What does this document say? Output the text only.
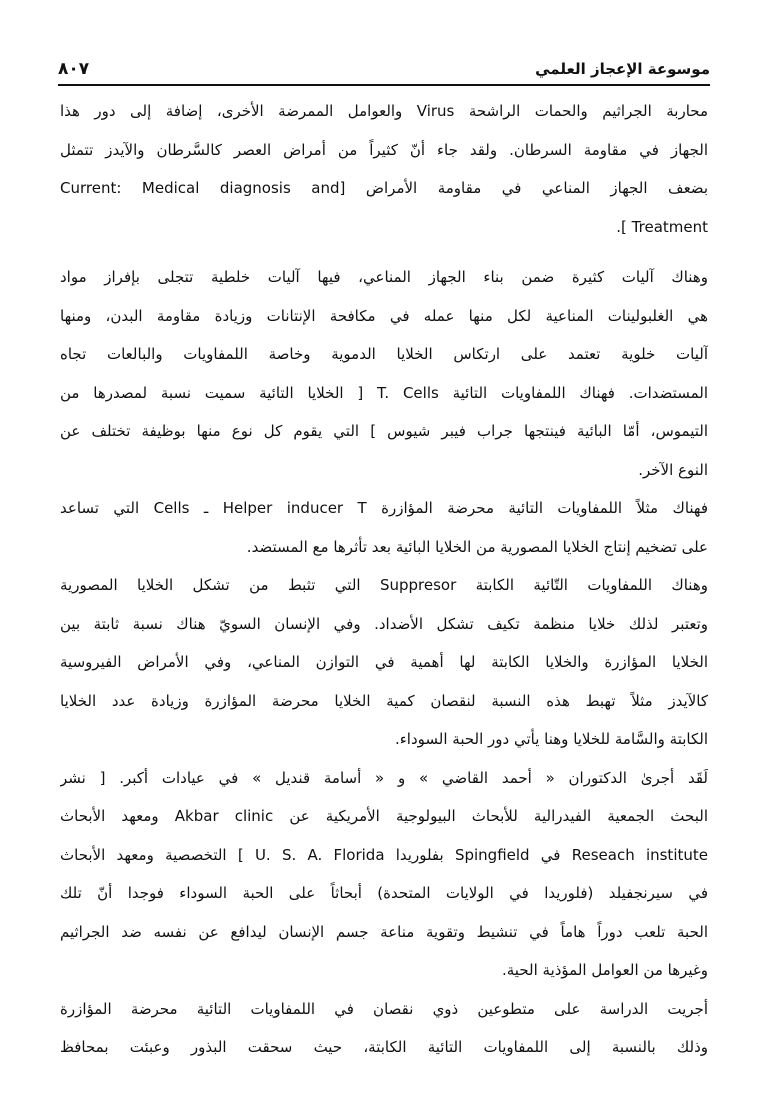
موسوعة الإعجاز العلمي
٨٠٧
محاربة الجراثيم والحمات الراشحة Virus والعوامل الممرضة الأخرى، إضافة إلى دور هذا
الجهاز في مقاومة السرطان. ولقد جاء أنّ كثيراً من أمراض العصر كالسَّرطان والآيدز تتمثل
بضعف الجهاز المناعي في مقاومة الأمراض [Current: Medical diagnosis and
Treatment ].
وهناك آليات كثيرة ضمن بناء الجهاز المناعي، فيها آليات خلطية تتجلى بإفراز مواد
هي الغلبولينات المناعية لكل منها عمله في مكافحة الإنتانات وزيادة مقاومة البدن، ومنها
آليات خلوية تعتمد على ارتكاس الخلايا الدموية وخاصة اللمفاويات والبالعات تجاه
المستضدات. فهناك اللمفاويات التائية T. Cells [ الخلايا التائية سميت نسبة لمصدرها من
التيموس، أمّا البائية فينتجها جراب فيبر شيوس ] التي يقوم كل نوع منها بوظيفة تختلف عن
النوع الآخر.
فهناك مثلاً اللمفاويات التائية محرضة المؤازرة Helper inducer T ـ Cells التي تساعد
على تضخيم إنتاج الخلايا المصورية من الخلايا البائية بعد تأثرها مع المستضد.
وهناك اللمفاويات التّائية الكابتة Suppresor التي تثبط من تشكل الخلايا المصورية
وتعتبر لذلك خلايا منظمة تكيف تشكل الأضداد. وفي الإنسان السويّ هناك نسبة ثابتة بين
الخلايا المؤازرة والخلايا الكابتة لها أهمية في التوازن المناعي، وفي الأمراض الفيروسية
كالآيدز مثلاً تهبط هذه النسبة لنقصان كمية الخلايا محرضة المؤازرة وزيادة عدد الخلايا
الكابتة والسَّامة للخلايا وهنا يأتي دور الحبة السوداء.
لَقَد أجرىٰ الدكتوران « أحمد القاضي » و « أسامة قنديل » في عيادات أكبر. [ نشر
البحث الجمعية الفيدرالية للأبحاث البيولوجية الأمريكية عن Akbar clinic ومعهد الأبحاث
Reseach institute في Spingfield بفلوريدا U. S. A. Florida ] التخصصية ومعهد الأبحاث
في سيرنجفيلد (فلوريدا في الولايات المتحدة) أبحاثاً على الحبة السوداء فوجدا أنّ تلك
الحبة تلعب دوراً هاماً في تنشيط وتقوية مناعة جسم الإنسان ليدافع عن نفسه ضد الجراثيم
وغيرها من العوامل المؤذية الحية.
أجريت الدراسة على متطوعين ذوي نقصان في اللمفاويات التائية محرضة المؤازرة
وذلك بالنسبة إلى اللمفاويات التائية الكابتة، حيث سحقت البذور وعبئت بمحافظ
